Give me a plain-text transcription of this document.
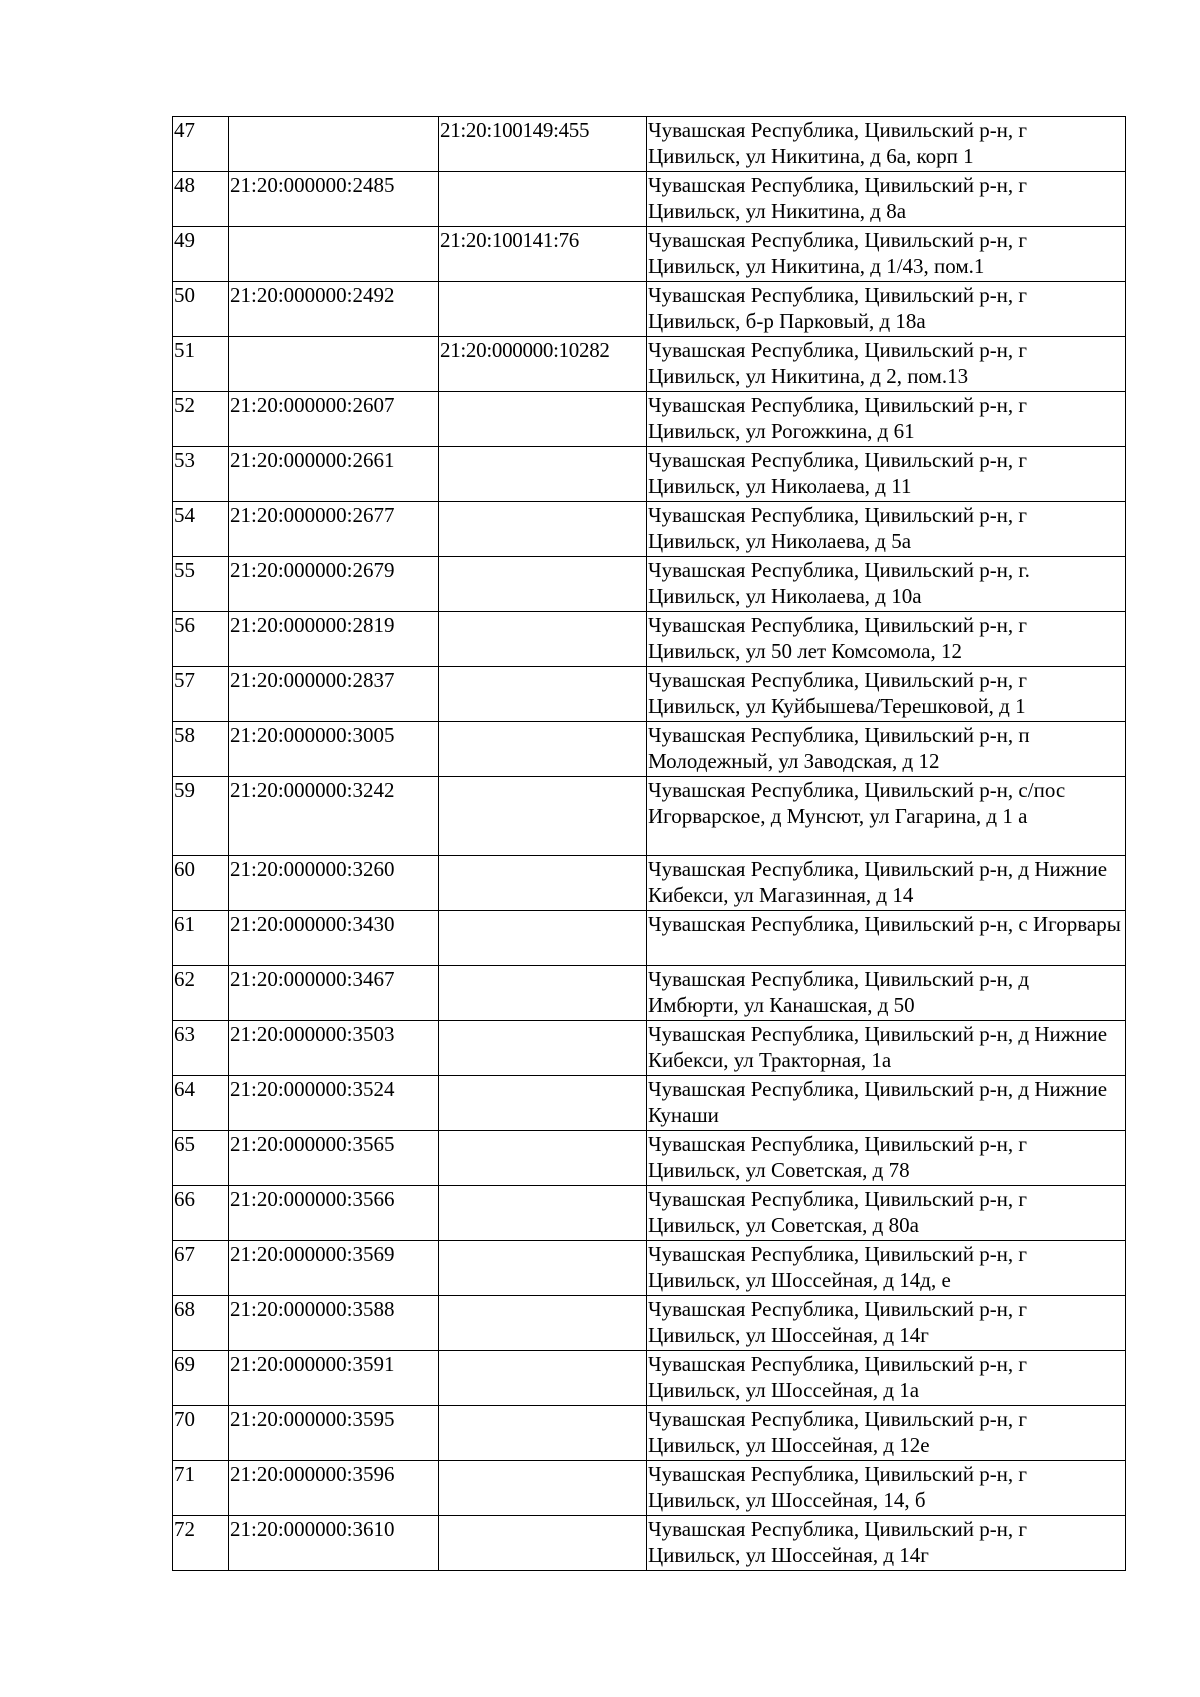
47		21:20:100149:455	Чувашская Республика, Цивильский р-н, г Цивильск, ул Никитина, д 6а, корп 1
48	21:20:000000:2485		Чувашская Республика, Цивильский р-н, г Цивильск, ул Никитина, д 8а
49		21:20:100141:76	Чувашская Республика, Цивильский р-н, г Цивильск, ул Никитина, д 1/43, пом.1
50	21:20:000000:2492		Чувашская Республика, Цивильский р-н, г Цивильск, б-р Парковый, д 18а
51		21:20:000000:10282	Чувашская Республика, Цивильский р-н, г Цивильск, ул Никитина, д 2, пом.13
52	21:20:000000:2607		Чувашская Республика, Цивильский р-н, г Цивильск, ул Рогожкина, д 61
53	21:20:000000:2661		Чувашская Республика, Цивильский р-н, г Цивильск, ул Николаева, д 11
54	21:20:000000:2677		Чувашская Республика, Цивильский р-н, г Цивильск, ул Николаева, д 5а
55	21:20:000000:2679		Чувашская Республика, Цивильский р-н, г. Цивильск, ул Николаева, д 10а
56	21:20:000000:2819		Чувашская Республика, Цивильский р-н, г Цивильск, ул 50 лет Комсомола, 12
57	21:20:000000:2837		Чувашская Республика, Цивильский р-н, г Цивильск, ул Куйбышева/Терешковой, д 1
58	21:20:000000:3005		Чувашская Республика, Цивильский р-н, п Молодежный, ул Заводская, д 12
59	21:20:000000:3242		Чувашская Республика, Цивильский р-н, с/пос Игорварское, д Мунсют, ул Гагарина, д 1 а
60	21:20:000000:3260		Чувашская Республика, Цивильский р-н, д Нижние Кибекси, ул Магазинная, д 14
61	21:20:000000:3430		Чувашская Республика, Цивильский р-н, с Игорвары
62	21:20:000000:3467		Чувашская Республика, Цивильский р-н, д Имбюрти, ул Канашская, д 50
63	21:20:000000:3503		Чувашская Республика, Цивильский р-н, д Нижние Кибекси, ул Тракторная, 1а
64	21:20:000000:3524		Чувашская Республика, Цивильский р-н, д Нижние Кунаши
65	21:20:000000:3565		Чувашская Республика, Цивильский р-н, г Цивильск, ул Советская, д 78
66	21:20:000000:3566		Чувашская Республика, Цивильский р-н, г Цивильск, ул Советская, д 80а
67	21:20:000000:3569		Чувашская Республика, Цивильский р-н, г Цивильск, ул Шоссейная, д 14д, е
68	21:20:000000:3588		Чувашская Республика, Цивильский р-н, г Цивильск, ул Шоссейная, д 14г
69	21:20:000000:3591		Чувашская Республика, Цивильский р-н, г Цивильск, ул Шоссейная, д 1а
70	21:20:000000:3595		Чувашская Республика, Цивильский р-н, г Цивильск, ул Шоссейная, д 12е
71	21:20:000000:3596		Чувашская Республика, Цивильский р-н, г Цивильск, ул Шоссейная, 14, б
72	21:20:000000:3610		Чувашская Республика, Цивильский р-н, г Цивильск, ул Шоссейная, д 14г
